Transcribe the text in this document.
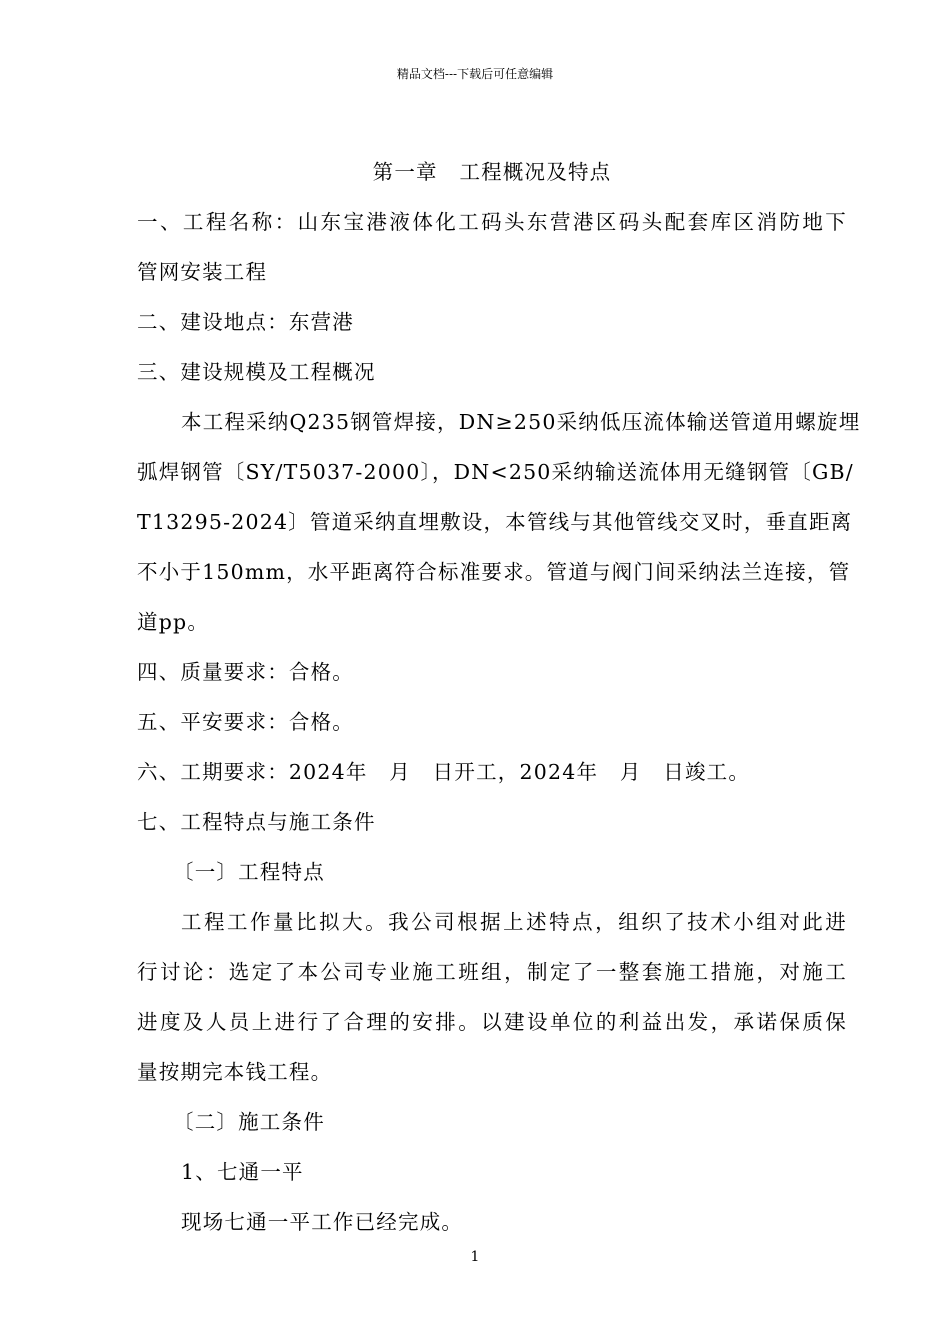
精品文档---下载后可任意编辑
第一章　工程概况及特点
一、工程名称：山东宝港液体化工码头东营港区码头配套库区消防地下
管网安装工程
二、建设地点：东营港
三、建设规模及工程概况
本工程采纳Q235钢管焊接，DN≥250采纳低压流体输送管道用螺旋埋
弧焊钢管〔SY/T5037-2000〕，DN<250采纳输送流体用无缝钢管〔GB/
T13295-2024〕管道采纳直埋敷设，本管线与其他管线交叉时，垂直距离
不小于150mm，水平距离符合标准要求。管道与阀门间采纳法兰连接，管
道pp。
四、质量要求：合格。
五、平安要求：合格。
六、工期要求：2024年　月　日开工，2024年　月　日竣工。
七、工程特点与施工条件
〔一〕工程特点
工程工作量比拟大。我公司根据上述特点，组织了技术小组对此进
行讨论：选定了本公司专业施工班组，制定了一整套施工措施，对施工
进度及人员上进行了合理的安排。以建设单位的利益出发，承诺保质保
量按期完本钱工程。
〔二〕施工条件
1、七通一平
现场七通一平工作已经完成。
1
